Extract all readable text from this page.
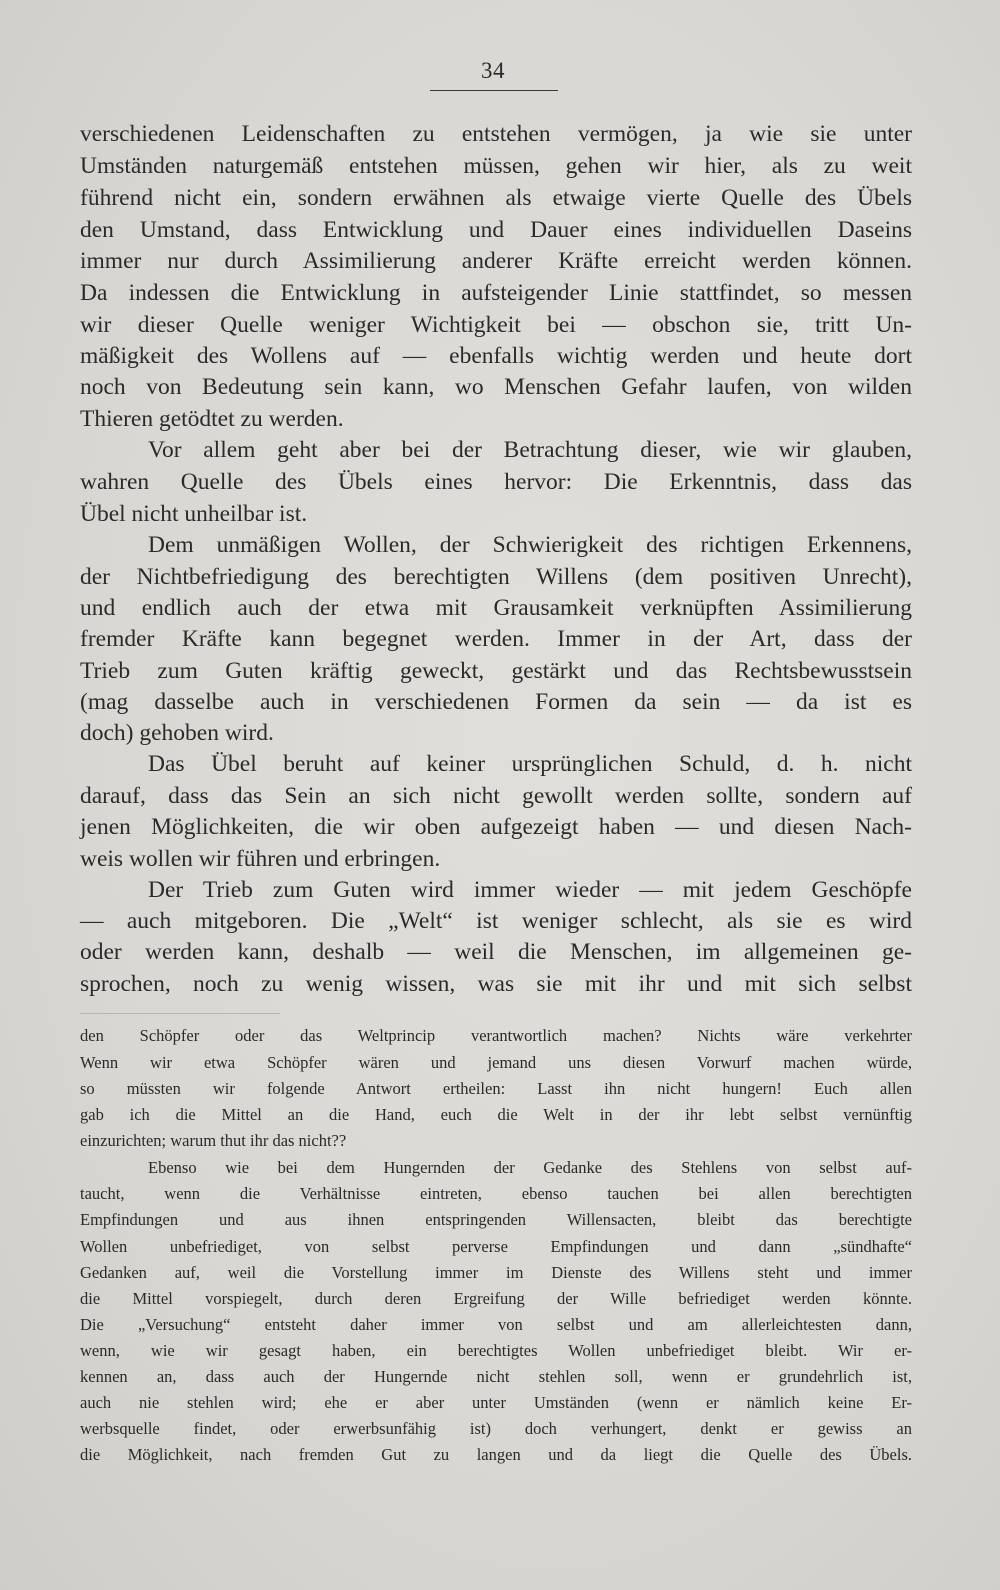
34
verschiedenen Leidenschaften zu entstehen vermögen, ja wie sie unter
Umständen naturgemäß entstehen müssen, gehen wir hier, als zu weit
führend nicht ein, sondern erwähnen als etwaige vierte Quelle des Übels
den Umstand, dass Entwicklung und Dauer eines individuellen Daseins
immer nur durch Assimilierung anderer Kräfte erreicht werden können.
Da indessen die Entwicklung in aufsteigender Linie stattfindet, so messen
wir dieser Quelle weniger Wichtigkeit bei — obschon sie, tritt Un-
mäßigkeit des Wollens auf — ebenfalls wichtig werden und heute dort
noch von Bedeutung sein kann, wo Menschen Gefahr laufen, von wilden
Thieren getödtet zu werden.
Vor allem geht aber bei der Betrachtung dieser, wie wir glauben,
wahren Quelle des Übels eines hervor: Die Erkenntnis, dass das
Übel nicht unheilbar ist.
Dem unmäßigen Wollen, der Schwierigkeit des richtigen Erkennens,
der Nichtbefriedigung des berechtigten Willens (dem positiven Unrecht),
und endlich auch der etwa mit Grausamkeit verknüpften Assimilierung
fremder Kräfte kann begegnet werden. Immer in der Art, dass der
Trieb zum Guten kräftig geweckt, gestärkt und das Rechtsbewusstsein
(mag dasselbe auch in verschiedenen Formen da sein — da ist es
doch) gehoben wird.
Das Übel beruht auf keiner ursprünglichen Schuld, d. h. nicht
darauf, dass das Sein an sich nicht gewollt werden sollte, sondern auf
jenen Möglichkeiten, die wir oben aufgezeigt haben — und diesen Nach-
weis wollen wir führen und erbringen.
Der Trieb zum Guten wird immer wieder — mit jedem Geschöpfe
— auch mitgeboren. Die „Welt“ ist weniger schlecht, als sie es wird
oder werden kann, deshalb — weil die Menschen, im allgemeinen ge-
sprochen, noch zu wenig wissen, was sie mit ihr und mit sich selbst
den Schöpfer oder das Weltprincip verantwortlich machen? Nichts wäre verkehrter
Wenn wir etwa Schöpfer wären und jemand uns diesen Vorwurf machen würde,
so müssten wir folgende Antwort ertheilen: Lasst ihn nicht hungern! Euch allen
gab ich die Mittel an die Hand, euch die Welt in der ihr lebt selbst vernünftig
einzurichten; warum thut ihr das nicht??
Ebenso wie bei dem Hungernden der Gedanke des Stehlens von selbst auf-
taucht, wenn die Verhältnisse eintreten, ebenso tauchen bei allen berechtigten
Empfindungen und aus ihnen entspringenden Willensacten, bleibt das berechtigte
Wollen unbefriediget, von selbst perverse Empfindungen und dann „sündhafte“
Gedanken auf, weil die Vorstellung immer im Dienste des Willens steht und immer
die Mittel vorspiegelt, durch deren Ergreifung der Wille befriediget werden könnte.
Die „Versuchung“ entsteht daher immer von selbst und am allerleichtesten dann,
wenn, wie wir gesagt haben, ein berechtigtes Wollen unbefriediget bleibt. Wir er-
kennen an, dass auch der Hungernde nicht stehlen soll, wenn er grundehrlich ist,
auch nie stehlen wird; ehe er aber unter Umständen (wenn er nämlich keine Er-
werbsquelle findet, oder erwerbsunfähig ist) doch verhungert, denkt er gewiss an
die Möglichkeit, nach fremden Gut zu langen und da liegt die Quelle des Übels.
